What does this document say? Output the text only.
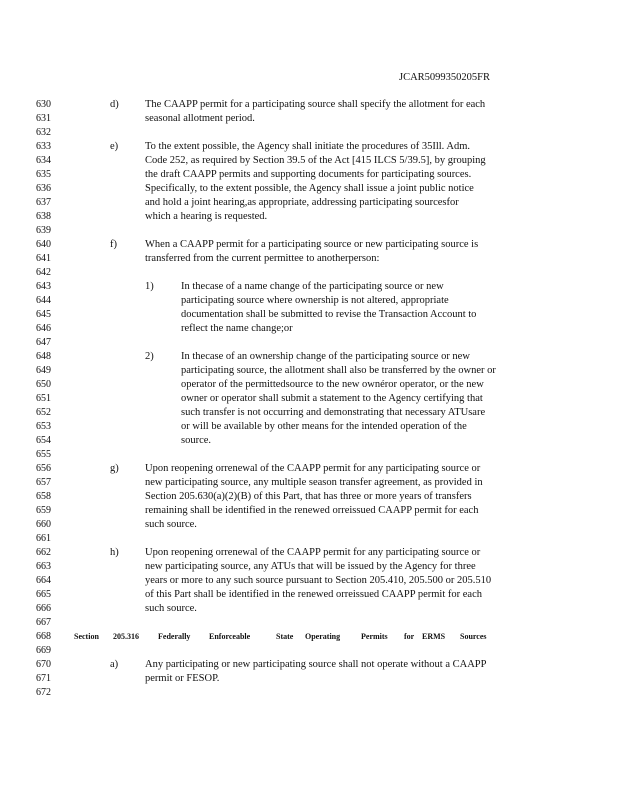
JCAR5099350205FR
630
631
632
633
634
635
636
637
638
639
640
641
642
643
644
645
646
647
648
649
650
651
652
653
654
655
656
657
658
659
660
661
662
663
664
665
666
667
668
669
670
671
672
d)	The CAAPP permit for a participating source shall specify the allotment for each
seasonal allotment period.
e)	To the extent possible, the Agency shall initiate the procedures of 35Ill. Adm.
Code 252, as required by Section 39.5 of the Act [415 ILCS 5/39.5], by grouping
the draft CAAPP permits and supporting documents for participating sources.
Specifically, to the extent possible, the Agency shall issue a joint public notice
and hold a joint hearing,as appropriate, addressing participating sourcesfor
which a hearing is requested.
f)	When a CAAPP permit for a participating source or new participating source is
transferred from the current permittee to anotherperson:
1)	In thecase of a name change of the participating source or new
participating source where ownership is not altered, appropriate
documentation shall be submitted to revise the Transaction Account to
reflect the name change;or
2)	In thecase of an ownership change of the participating source or new
participating source, the allotment shall also be transferred by the owner or
operator of the permittedsource to the new ownéror operator, or the new
owner or operator shall submit a statement to the Agency certifying that
such transfer is not occurring and demonstrating that necessary ATUsare
or will be available by other means for the intended operation of the
source.
g)	Upon reopening orrenewal of the CAAPP permit for any participating source or
new participating source, any multiple season transfer agreement, as provided in
Section 205.630(a)(2)(B) of this Part, that has three or more years of transfers
remaining shall be identified in the renewed orreissued CAAPP permit for each
such source.
h)	Upon reopening orrenewal of the CAAPP permit for any participating source or
new participating source, any ATUs that will be issued by the Agency for three
years or more to any such source pursuant to Section 205.410, 205.500 or 205.510
of this Part shall be identified in the renewed orreissued CAAPP permit for each
such source.
Section 205.316 Federally Enforceable	State Operating	Permits for ERMS Sources
a)	Any participating or new participating source shall not operate without a CAAPP
permit or FESOP.
